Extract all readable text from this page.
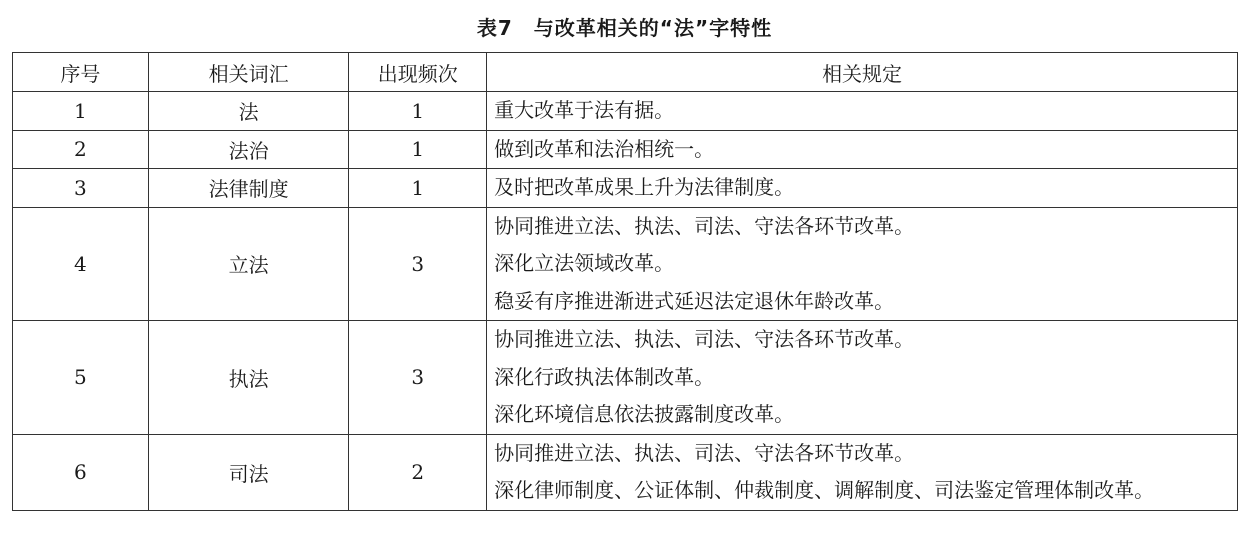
表7　与改革相关的“法”字特性
序号	相关词汇	出现频次	相关规定
1	法	1	重大改革于法有据。

2	法治	1	做到改革和法治相统一。

3	法律制度	1	及时把改革成果上升为法律制度。

4	立法	3	协同推进立法、执法、司法、守法各环节改革。
深化立法领域改革。
稳妥有序推进渐进式延迟法定退休年龄改革。

5	执法	3	协同推进立法、执法、司法、守法各环节改革。
深化行政执法体制改革。
深化环境信息依法披露制度改革。

6	司法	2	协同推进立法、执法、司法、守法各环节改革。
深化律师制度、公证体制、仲裁制度、调解制度、司法鉴定管理体制改革。
